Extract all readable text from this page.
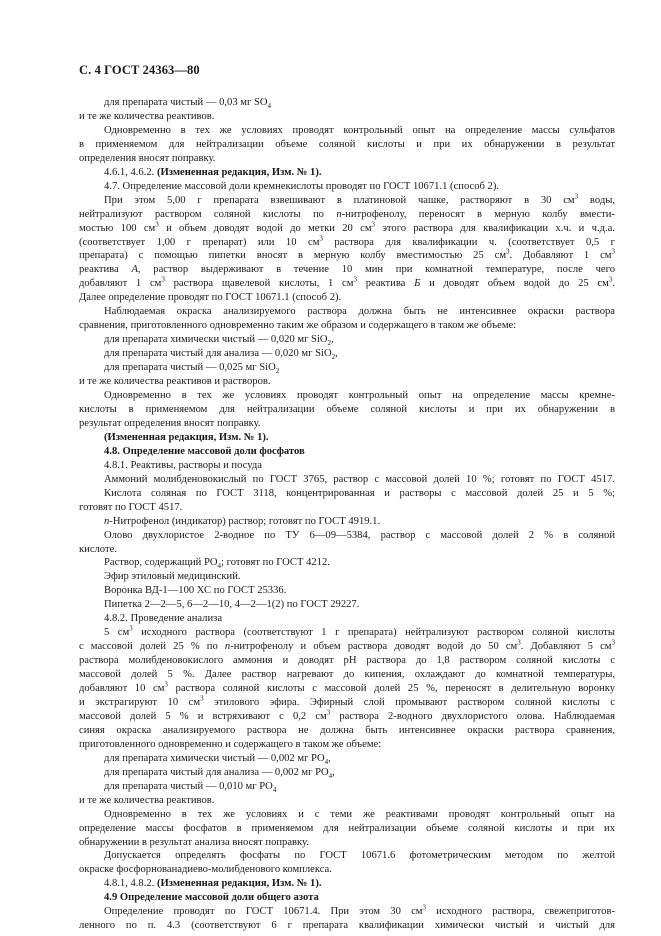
С. 4 ГОСТ 24363—80
для препарата чистый — 0,03 мг $SO_4$
и те же количества реактивов.
Одновременно в тех же условиях проводят контрольный опыт на определение массы сульфатов
в применяемом для нейтрализации объеме соляной кислоты и при их обнаружении в результат
определения вносят поправку.
4.6.1, 4.6.2. (Измененная редакция, Изм. № 1).
4.7. Определение массовой доли кремнекислоты проводят по ГОСТ 10671.1 (способ 2).
При этом 5,00 г препарата взвешивают в платиновой чашке, растворяют в 30 $см^3$ воды,
нейтрализуют раствором соляной кислоты по п-нитрофенолу, переносят в мерную колбу вмести-
мостью 100 $см^3$ и объем доводят водой до метки 20 $см^3$ этого раствора для квалификации х.ч. и ч.д.а.
(соответствует 1,00 г препарат) или 10 $см^3$ раствора для квалификации ч. (соответствует 0,5 г
препарата) с помощью пипетки вносят в мерную колбу вместимостью 25 $см^3$. Добавляют 1 $см^3$
реактива А, раствор выдерживают в течение 10 мин при комнатной температуре, после чего
добавляют 1 $см^3$ раствора щавелевой кислоты, 1 $см^3$ реактива Б и доводят объем водой до 25 $см^3$.
Далее определение проводят по ГОСТ 10671.1 (способ 2).
Наблюдаемая окраска анализируемого раствора должна быть не интенсивнее окраски раствора
сравнения, приготовленного одновременно таким же образом и содержащего в таком же объеме:
для препарата химически чистый — 0,020 мг SiO$_2$,
для препарата чистый для анализа — 0,020 мг SiO$_2$,
для препарата чистый — 0,025 мг SiO$_2$
и те же количества реактивов и растворов.
Одновременно в тех же условиях проводят контрольный опыт на определение массы кремне-
кислоты в применяемом для нейтрализации объеме соляной кислоты и при их обнаружении в
результат определения вносят поправку.
(Измененная редакция, Изм. № 1).
4.8. Определение массовой доли фосфатов
4.8.1. Реактивы, растворы и посуда
Аммоний молибденовокислый по ГОСТ 3765, раствор с массовой долей 10 %; готовят по ГОСТ 4517.
Кислота соляная по ГОСТ 3118, концентрированная и растворы с массовой долей 25 и 5 %;
готовят по ГОСТ 4517.
п-Нитрофенол (индикатор) раствор; готовят по ГОСТ 4919.1.
Олово двухлористое 2-водное по ТУ 6—09—5384, раствор с массовой долей 2 % в соляной
кислоте.
Раствор, содержащий $PO_4$; готовят по ГОСТ 4212.
Эфир этиловый медицинский.
Воронка ВД-1—100 ХС по ГОСТ 25336.
Пипетка 2—2—5, 6—2—10, 4—2—1(2) по ГОСТ 29227.
4.8.2. Проведение анализа
5 $см^3$ исходного раствора (соответствуют 1 г препарата) нейтрализуют раствором соляной кислоты
с массовой долей 25 % по п-нитрофенолу и объем раствора доводят водой до 50 $см^3$. Добавляют 5 $см^3$
раствора молибденовокислого аммония и доводят pH раствора до 1,8 раствором соляной кислоты с
массовой долей 5 %. Далее раствор нагревают до кипения, охлаждают до комнатной температуры,
добавляют 10 $см^3$ раствора соляной кислоты с массовой долей 25 %, переносят в делительную воронку
и экстрагируют 10 $см^3$ этилового эфира. Эфирный слой промывают раствором соляной кислоты с
массовой долей 5 % и встряхивают с 0,2 $см^3$ раствора 2-водного двухлористого олова. Наблюдаемая
синяя окраска анализируемого раствора не должна быть интенсивнее окраски раствора сравнения,
приготовленного одновременно и содержащего в таком же объеме:
для препарата химически чистый — 0,002 мг $PO_4$,
для препарата чистый для анализа — 0,002 мг $PO_4$,
для препарата чистый — 0,010 мг $PO_4$
и те же количества реактивов.
Одновременно в тех же условиях и с теми же реактивами проводят контрольный опыт на
определение массы фосфатов в применяемом для нейтрализации объеме соляной кислоты и при их
обнаружении в результат анализа вносят поправку.
Допускается определять фосфаты по ГОСТ 10671.6 фотометрическим методом по желтой
окраске фосфорнованадиево-молибденового комплекса.
4.8.1, 4.8.2. (Измененная редакция, Изм. № 1).
4.9 Определение массовой доли общего азота
Определение проводят по ГОСТ 10671.4. При этом 30 $см^3$ исходного раствора, свежеприготов-
ленного по п. 4.3 (соответствуют 6 г препарата квалификации химически чистый и чистый для
